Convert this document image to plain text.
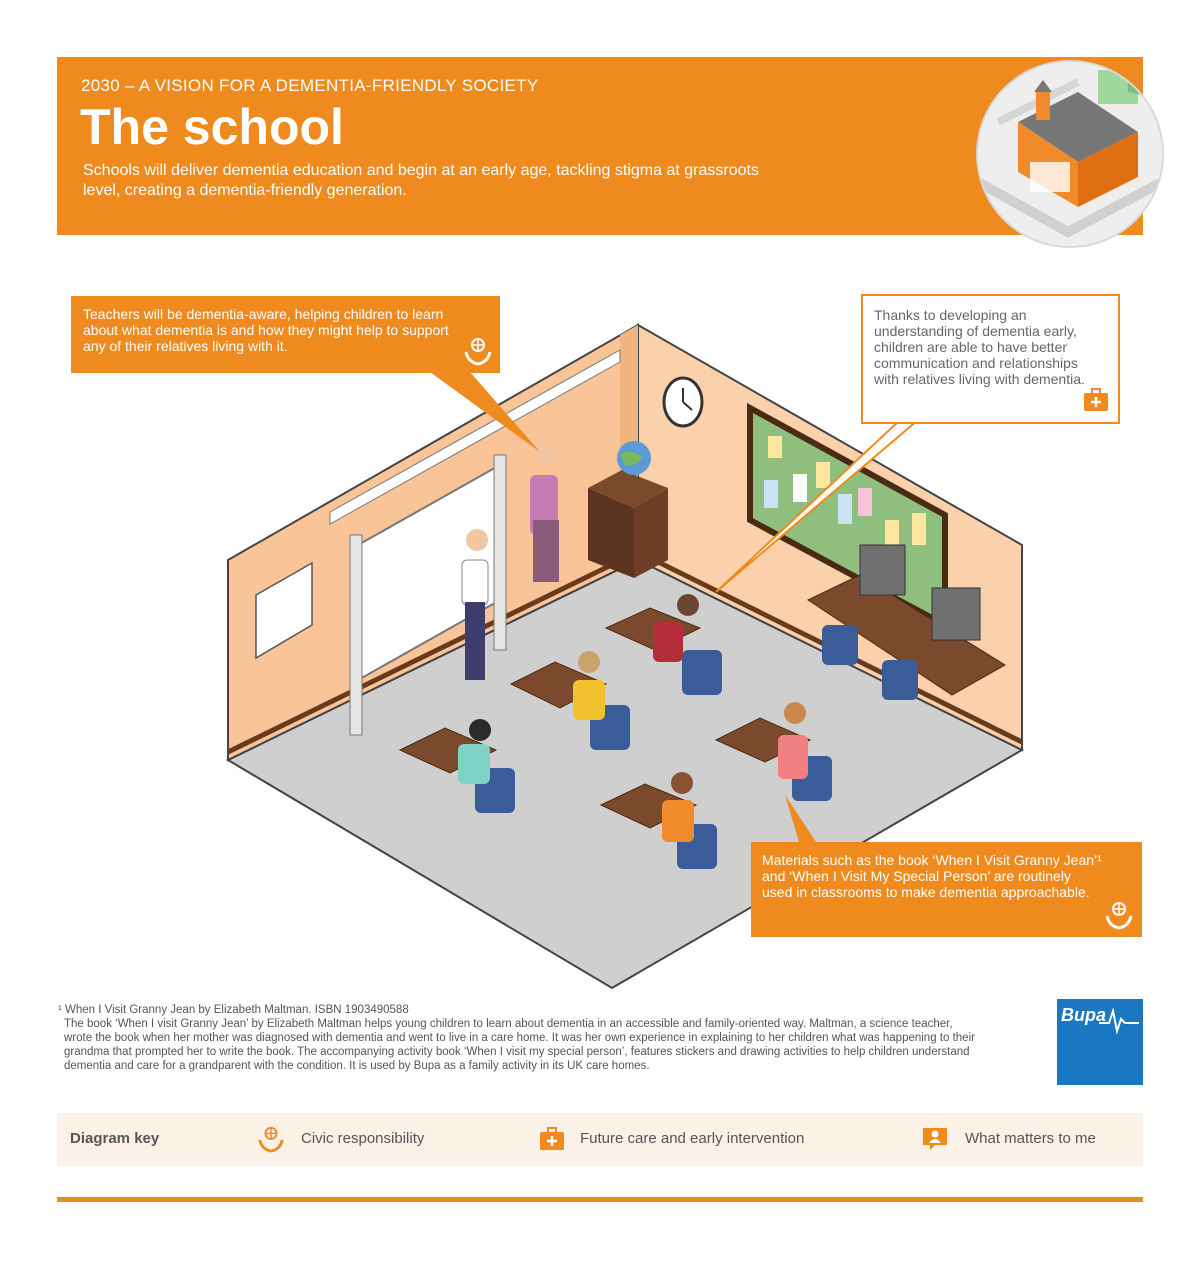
2030 – A VISION FOR A DEMENTIA-FRIENDLY SOCIETY
The school
Schools will deliver dementia education and begin at an early age, tackling stigma at grassroots level, creating a dementia-friendly generation.
Teachers will be dementia-aware, helping children to learn about what dementia is and how they might help to support any of their relatives living with it.
Thanks to developing an understanding of dementia early, children are able to have better communication and relationships with relatives living with dementia.
Materials such as the book ‘When I Visit Granny Jean’¹ and ‘When I Visit My Special Person’ are routinely used in classrooms to make dementia approachable.
¹ When I Visit Granny Jean by Elizabeth Maltman. ISBN 1903490588
The book ‘When I visit Granny Jean’ by Elizabeth Maltman helps young children to learn about dementia in an accessible and family-oriented way. Maltman, a science teacher, wrote the book when her mother was diagnosed with dementia and went to live in a care home. It was her own experience in explaining to her children what was happening to their grandma that prompted her to write the book. The accompanying activity book ‘When I visit my special person’, features stickers and drawing activities to help children understand dementia and care for a grandparent with the condition. It is used by Bupa as a family activity in its UK care homes.
Bupa
Diagram key	Civic responsibility	Future care and early intervention	What matters to me
